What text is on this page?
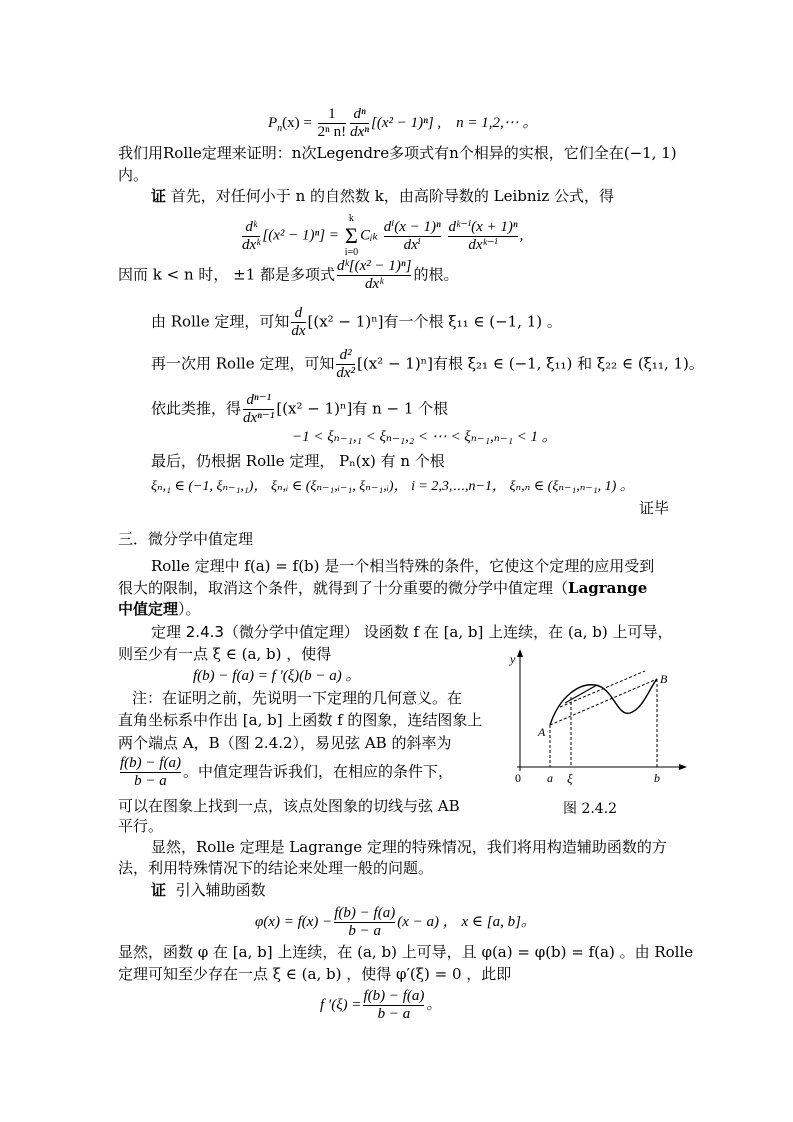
$P_n(x) = \frac{1}{\text{2ⁿ n!}} \frac{\text{dⁿ}}{\text{dxⁿ}} [(x^2 - 1)^n]$ , n = 1,2,⋯ 。
我们用Rolle定理来证明：n次Legendre多项式有n个相异的实根，它们全在(−1, 1)
内。
证 首先，对任何小于 n 的自然数 k，由高阶导数的 Leibniz 公式，得
$\frac{\text{dᵏ}}{\text{dxᵏ}} [(x^2 - 1)^n]$ =
k
Σ
i=0
Cᵢₖ $\frac{\text{dⁱ(x − 1)ⁿ}}{\text{dxⁱ}}$
$\frac{\text{dᵏ⁻ⁱ(x + 1)ⁿ}}{\text{dxᵏ⁻ⁱ}}$ ,
因而 k < n 时， ±1 都是多项式 $\frac{\text{dᵏ[(x² − 1)ⁿ]}}{\text{dxᵏ}}$ 的根。
由 Rolle 定理，可知 $\frac{d}{dx} [(x^2 - 1)^n]$有一个根 ξ₁₁ ∈ (−1, 1) 。
再一次用 Rolle 定理，可知 $\frac{\text{d²}}{\text{dx²}} [(x^2 - 1)^n]$有根 ξ₂₁ ∈ (−1, ξ₁₁) 和 ξ₂₂ ∈ (ξ₁₁, 1)。
依此类推，得 $\frac{\text{dⁿ⁻¹}}{\text{dxⁿ⁻¹}} [(x^2 - 1)^n]$有 n − 1 个根
−1 < ξₙ₋₁,₁ < ξₙ₋₁,₂ < ⋯ < ξₙ₋₁,ₙ₋₁ < 1 。
最后，仍根据 Rolle 定理， Pₙ(x) 有 n 个根
ξₙ,₁ ∈ (−1, ξₙ₋₁,₁)， ξₙ,ᵢ ∈ (ξₙ₋₁,ᵢ₋₁, ξₙ₋₁,ᵢ)， i = 2,3,⋯,n−1， ξₙ,ₙ ∈ (ξₙ₋₁,ₙ₋₁, 1) 。
证毕
三．微分学中值定理
Rolle 定理中 f(a) = f(b) 是一个相当特殊的条件，它使这个定理的应用受到
很大的限制，取消这个条件，就得到了十分重要的微分学中值定理（Lagrange
中值定理）。
定理 2.4.3（微分学中值定理） 设函数 f 在 [a, b] 上连续，在 (a, b) 上可导，
则至少有一点 ξ ∈ (a, b) ，使得
f(b) − f(a) = f ′(ξ)(b − a) 。
注：在证明之前，先说明一下定理的几何意义。在
直角坐标系中作出 [a, b] 上函数 f 的图象，连结图象上
两个端点 A，B（图 2.4.2），易见弦 AB 的斜率为
$\frac{f(b) - f(a)}{b - a}$ 。中值定理告诉我们，在相应的条件下，
可以在图象上找到一点，该点处图象的切线与弦 AB
平行。
y
0 a ξ	b
A
B
图 2.4.2
显然，Rolle 定理是 Lagrange 定理的特殊情况，我们将用构造辅助函数的方
法，利用特殊情况下的结论来处理一般的问题。
证 引入辅助函数
$\varphi(x) = f(x) - \frac{f(b) - f(a)}{b - a} (x - a)$ ， x ∈ [a, b]。
显然，函数 φ 在 [a, b] 上连续，在 (a, b) 上可导，且 φ(a) = φ(b) = f(a) 。由 Rolle
定理可知至少存在一点 ξ ∈ (a, b) ，使得 φ′(ξ) = 0 ，此即
f $'(\xi) = \frac{f(b) - f(a)}{b - a}$ 。
